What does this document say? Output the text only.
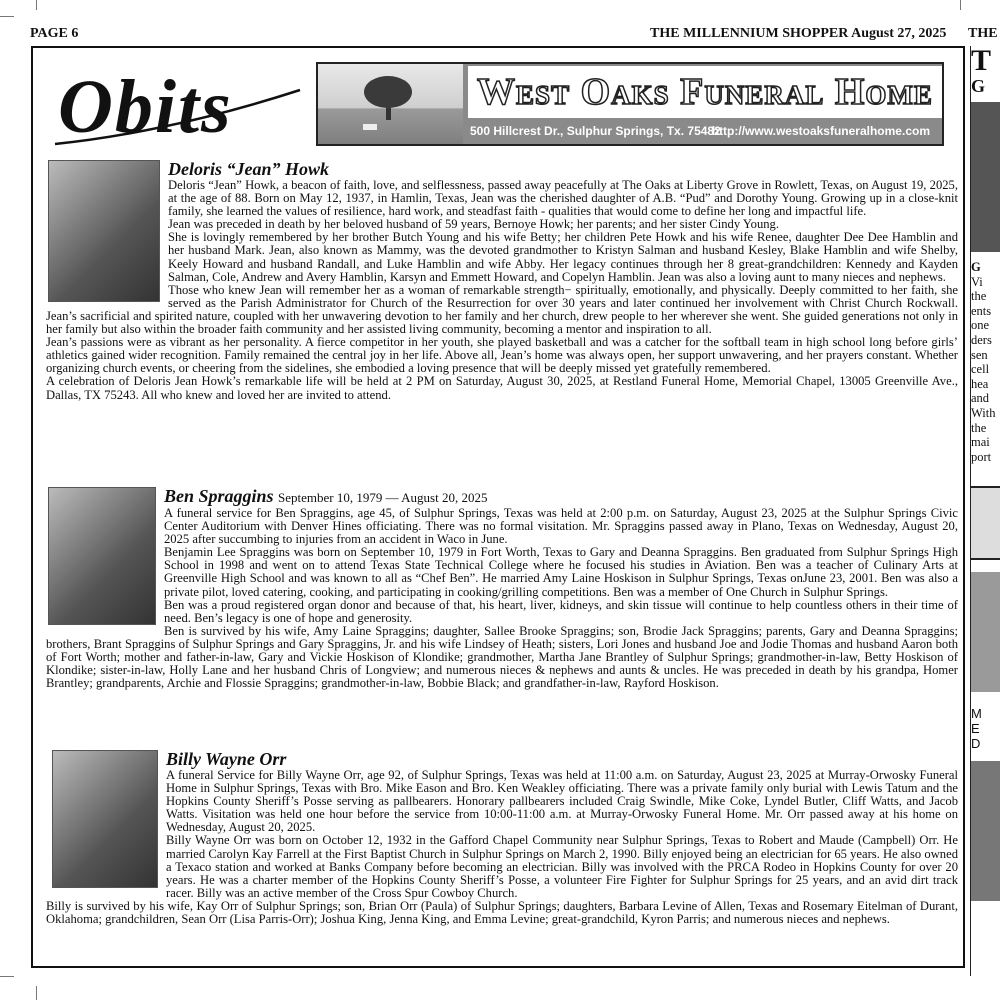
PAGE 6	THE MILLENNIUM SHOPPER August 27, 2025 THE
Obits	West Oaks Funeral Home
500 Hillcrest Dr., Sulphur Springs, Tx. 75482
http://www.westoaksfuneralhome.com
Deloris “Jean” Howk

Deloris “Jean” Howk, a beacon of faith, love, and selflessness, passed away peacefully at The Oaks at Liberty Grove in Rowlett, Texas, on August 19, 2025, at the age of 88. Born on May 12, 1937, in Hamlin, Texas, Jean was the cherished daughter of A.B. “Pud” and Dorothy Young. Growing up in a close-knit family, she learned the values of resilience, hard work, and steadfast faith - qualities that would come to define her long and impactful life.

Jean was preceded in death by her beloved husband of 59 years, Bernoye Howk; her parents; and her sister Cindy Young.

She is lovingly remembered by her brother Butch Young and his wife Betty; her children Pete Howk and his wife Renee, daughter Dee Dee Hamblin and her husband Mark. Jean, also known as Mammy, was the devoted grandmother to Kristyn Salman and husband Kesley, Blake Hamblin and wife Shelby, Keely Howard and husband Randall, and Luke Hamblin and wife Abby. Her legacy continues through her 8 great-grandchildren: Kennedy and Kayden Salman, Cole, Andrew and Avery Hamblin, Karsyn and Emmett Howard, and Copelyn Hamblin. Jean was also a loving aunt to many nieces and nephews.

Those who knew Jean will remember her as a woman of remarkable strength− spiritually, emotionally, and physically. Deeply committed to her faith, she served as the Parish Administrator for Church of the Resurrection for over 30 years and later continued her involvement with Christ Church Rockwall. Jean’s sacrificial and spirited nature, coupled with her unwavering devotion to her family and her church, drew people to her wherever she went. She guided generations not only in her family but also within the broader faith community and her assisted living community, becoming a mentor and inspiration to all.

Jean’s passions were as vibrant as her personality. A fierce competitor in her youth, she played basketball and was a catcher for the softball team in high school long before girls’ athletics gained wider recognition. Family remained the central joy in her life. Above all, Jean’s home was always open, her support unwavering, and her prayers constant. Whether organizing church events, or cheering from the sidelines, she embodied a loving presence that will be deeply missed yet gratefully remembered.

A celebration of Deloris Jean Howk’s remarkable life will be held at 2 PM on Saturday, August 30, 2025, at Restland Funeral Home, Memorial Chapel, 13005 Greenville Ave., Dallas, TX 75243. All who knew and loved her are invited to attend.

Ben Spraggins September 10, 1979 — August 20, 2025

A funeral service for Ben Spraggins, age 45, of Sulphur Springs, Texas was held at 2:00 p.m. on Saturday, August 23, 2025 at the Sulphur Springs Civic Center Auditorium with Denver Hines officiating. There was no formal visitation. Mr. Spraggins passed away in Plano, Texas on Wednesday, August 20, 2025 after succumbing to injuries from an accident in Waco in June.

Benjamin Lee Spraggins was born on September 10, 1979 in Fort Worth, Texas to Gary and Deanna Spraggins. Ben graduated from Sulphur Springs High School in 1998 and went on to attend Texas State Technical College where he focused his studies in Aviation. Ben was a teacher of Culinary Arts at Greenville High School and was known to all as “Chef Ben”. He married Amy Laine Hoskison in Sulphur Springs, Texas onJune 23, 2001. Ben was also a private pilot, loved catering, cooking, and participating in cooking/grilling competitions. Ben was a member of One Church in Sulphur Springs.

Ben was a proud registered organ donor and because of that, his heart, liver, kidneys, and skin tissue will continue to help countless others in their time of need. Ben’s legacy is one of hope and generosity.

Ben is survived by his wife, Amy Laine Spraggins; daughter, Sallee Brooke Spraggins; son, Brodie Jack Spraggins; parents, Gary and Deanna Spraggins; brothers, Brant Spraggins of Sulphur Springs and Gary Spraggins, Jr. and his wife Lindsey of Heath; sisters, Lori Jones and husband Joe and Jodie Thomas and husband Aaron both of Fort Worth; mother and father-in-law, Gary and Vickie Hoskison of Klondike; grandmother, Martha Jane Brantley of Sulphur Springs; grandmother-in-law, Betty Hoskison of Klondike; sister-in-law, Holly Lane and her husband Chris of Longview; and numerous nieces & nephews and aunts & uncles. He was preceded in death by his grandpa, Homer Brantley; grandparents, Archie and Flossie Spraggins; grandmother-in-law, Bobbie Black; and grandfather-in-law, Rayford Hoskison.

Billy Wayne Orr

A funeral Service for Billy Wayne Orr, age 92, of Sulphur Springs, Texas was held at 11:00 a.m. on Saturday, August 23, 2025 at Murray-Orwosky Funeral Home in Sulphur Springs, Texas with Bro. Mike Eason and Bro. Ken Weakley officiating. There was a private family only burial with Lewis Tatum and the Hopkins County Sheriff’s Posse serving as pallbearers. Honorary pallbearers included Craig Swindle, Mike Coke, Lyndel Butler, Cliff Watts, and Jacob Watts. Visitation was held one hour before the service from 10:00-11:00 a.m. at Murray-Orwosky Funeral Home. Mr. Orr passed away at his home on Wednesday, August 20, 2025.

Billy Wayne Orr was born on October 12, 1932 in the Gafford Chapel Community near Sulphur Springs, Texas to Robert and Maude (Campbell) Orr. He married Carolyn Kay Farrell at the First Baptist Church in Sulphur Springs on March 2, 1990. Billy enjoyed being an electrician for 65 years. He also owned a Texaco station and worked at Banks Company before becoming an electrician. Billy was involved with the PRCA Rodeo in Hopkins County for over 20 years. He was a charter member of the Hopkins County Sheriff’s Posse, a volunteer Fire Fighter for Sulphur Springs for 25 years, and an avid dirt track racer. Billy was an active member of the Cross Spur Cowboy Church.

Billy is survived by his wife, Kay Orr of Sulphur Springs; son, Brian Orr (Paula) of Sulphur Springs; daughters, Barbara Levine of Allen, Texas and Rosemary Eitelman of Durant, Oklahoma; grandchildren, Sean Orr (Lisa Parris-Orr); Joshua King, Jenna King, and Emma Levine; great-grandchild, Kyron Parris; and numerous nieces and nephews.

T
G
G
Vi
the
ents
one
ders
sen
cell
hea
and
With
the
mai
port
M
E
D
